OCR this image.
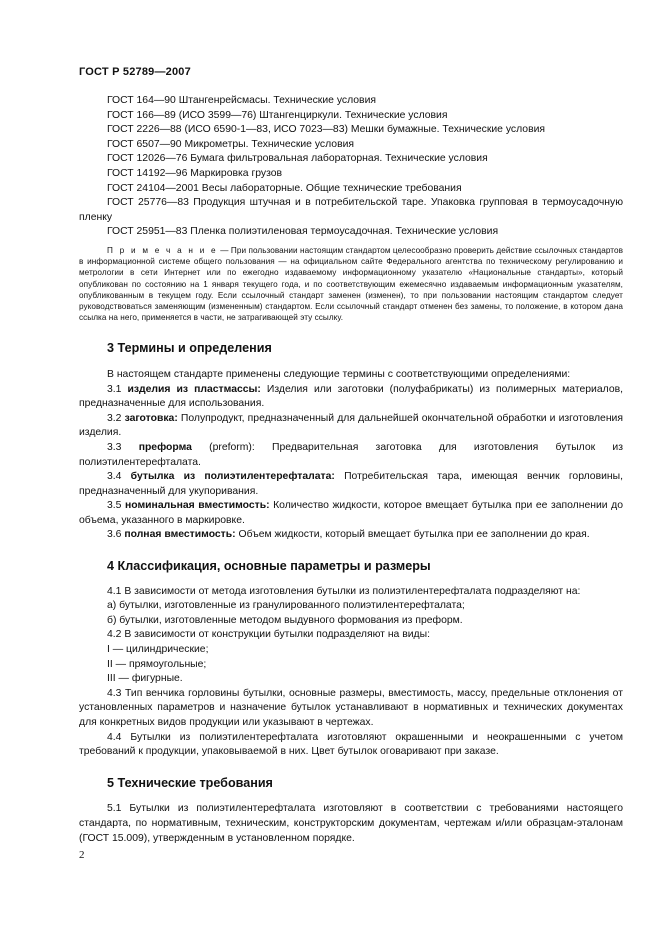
ГОСТ Р 52789—2007

ГОСТ 164—90 Штангенрейсмасы. Технические условия

ГОСТ 166—89 (ИСО 3599—76) Штангенциркули. Технические условия

ГОСТ 2226—88 (ИСО 6590-1—83, ИСО 7023—83) Мешки бумажные. Технические условия

ГОСТ 6507—90 Микрометры. Технические условия

ГОСТ 12026—76 Бумага фильтровальная лабораторная. Технические условия

ГОСТ 14192—96 Маркировка грузов

ГОСТ 24104—2001 Весы лабораторные. Общие технические требования

ГОСТ 25776—83 Продукция штучная и в потребительской таре. Упаковка групповая в термоусадочную пленку

ГОСТ 25951—83 Пленка полиэтиленовая термоусадочная. Технические условия

П р и м е ч а н и е — При пользовании настоящим стандартом целесообразно проверить действие ссылочных стандартов в информационной системе общего пользования — на официальном сайте Федерального агентства по техническому регулированию и метрологии в сети Интернет или по ежегодно издаваемому информационному указателю «Национальные стандарты», который опубликован по состоянию на 1 января текущего года, и по соответствующим ежемесячно издаваемым информационным указателям, опубликованным в текущем году. Если ссылочный стандарт заменен (изменен), то при пользовании настоящим стандартом следует руководствоваться заменяющим (измененным) стандартом. Если ссылочный стандарт отменен без замены, то положение, в котором дана ссылка на него, применяется в части, не затрагивающей эту ссылку.

3 Термины и определения

В настоящем стандарте применены следующие термины с соответствующими определениями:

3.1 изделия из пластмассы: Изделия или заготовки (полуфабрикаты) из полимерных материалов, предназначенные для использования.

3.2 заготовка: Полупродукт, предназначенный для дальнейшей окончательной обработки и изготовления изделия.

3.3 преформа (preform): Предварительная заготовка для изготовления бутылок из полиэтилентерефталата.

3.4 бутылка из полиэтилентерефталата: Потребительская тара, имеющая венчик горловины, предназначенный для укупоривания.

3.5 номинальная вместимость: Количество жидкости, которое вмещает бутылка при ее заполнении до объема, указанного в маркировке.

3.6 полная вместимость: Объем жидкости, который вмещает бутылка при ее заполнении до края.

4 Классификация, основные параметры и размеры

4.1 В зависимости от метода изготовления бутылки из полиэтилентерефталата подразделяют на:

а) бутылки, изготовленные из гранулированного полиэтилентерефталата;

б) бутылки, изготовленные методом выдувного формования из преформ.

4.2 В зависимости от конструкции бутылки подразделяют на виды:

I — цилиндрические;

II — прямоугольные;

III — фигурные.

4.3 Тип венчика горловины бутылки, основные размеры, вместимость, массу, предельные отклонения от установленных параметров и назначение бутылок устанавливают в нормативных и технических документах для конкретных видов продукции или указывают в чертежах.

4.4 Бутылки из полиэтилентерефталата изготовляют окрашенными и неокрашенными с учетом требований к продукции, упаковываемой в них. Цвет бутылок оговаривают при заказе.

5 Технические требования

5.1 Бутылки из полиэтилентерефталата изготовляют в соответствии с требованиями настоящего стандарта, по нормативным, техническим, конструкторским документам, чертежам и/или образцам-эталонам (ГОСТ 15.009), утвержденным в установленном порядке.

2
